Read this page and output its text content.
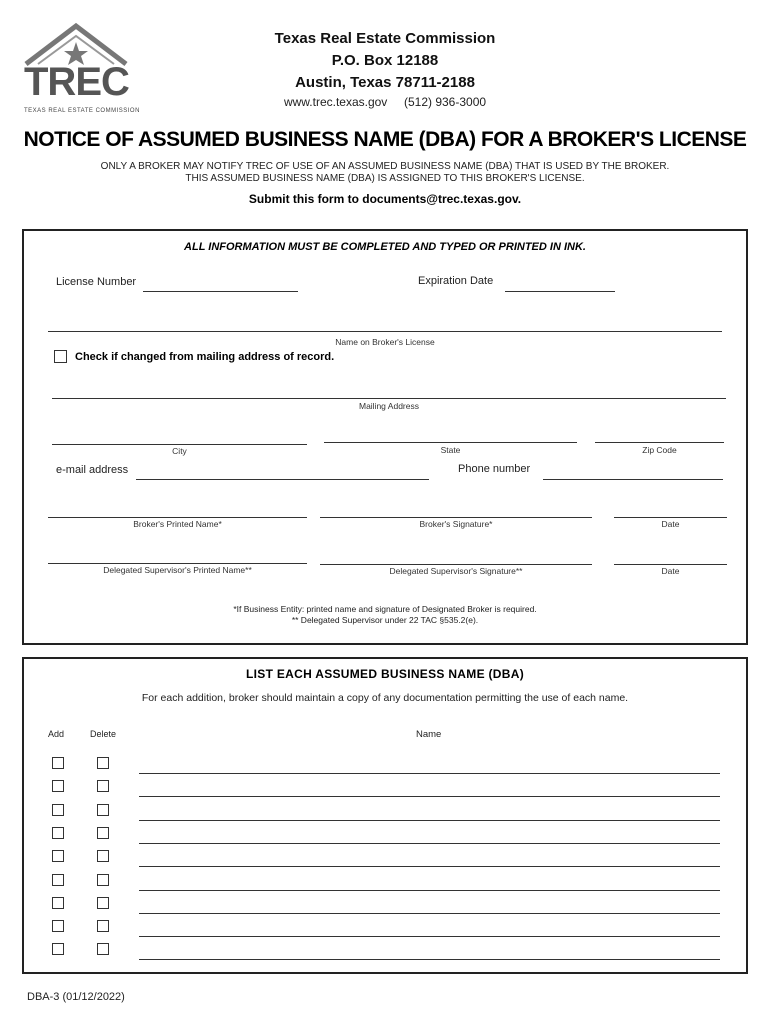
TREC
TEXAS REAL ESTATE COMMISSION
Texas Real Estate Commission
P.O. Box 12188
Austin, Texas 78711-2188
www.trec.texas.gov     (512) 936-3000
NOTICE OF ASSUMED BUSINESS NAME (DBA) FOR A BROKER'S LICENSE
ONLY A BROKER MAY NOTIFY TREC OF USE OF AN ASSUMED BUSINESS NAME (DBA) THAT IS USED BY THE BROKER.
THIS ASSUMED BUSINESS NAME (DBA) IS ASSIGNED TO THIS BROKER'S LICENSE.
Submit this form to documents@trec.texas.gov.
ALL INFORMATION MUST BE COMPLETED AND TYPED OR PRINTED IN INK.
License Number	Expiration Date
Name on Broker's License
Check if changed from mailing address of record.
Mailing Address
City	State	Zip Code
e-mail address	Phone number
Broker's Printed Name*	Broker's Signature*	Date
Delegated Supervisor's Printed Name**	Delegated Supervisor's Signature**	Date
*If Business Entity: printed name and signature of Designated Broker is required.
** Delegated Supervisor under 22 TAC §535.2(e).
LIST EACH ASSUMED BUSINESS NAME (DBA)
For each addition, broker should maintain a copy of any documentation permitting the use of each name.
Add	Delete	Name
DBA-3 (01/12/2022)
